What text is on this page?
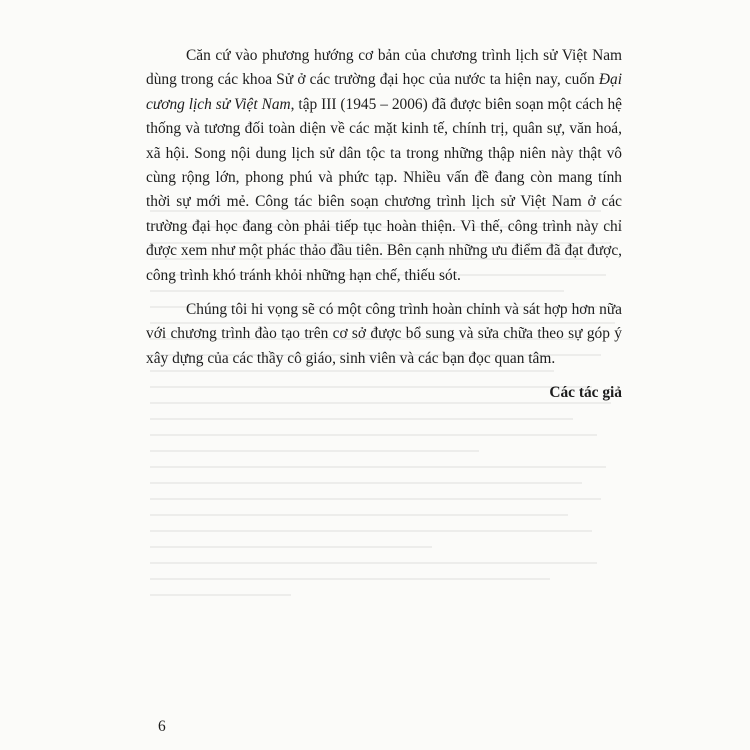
Căn cứ vào phương hướng cơ bản của chương trình lịch sử Việt Nam dùng trong các khoa Sử ở các trường đại học của nước ta hiện nay, cuốn Đại cương lịch sử Việt Nam, tập III (1945 – 2006) đã được biên soạn một cách hệ thống và tương đối toàn diện về các mặt kinh tế, chính trị, quân sự, văn hoá, xã hội. Song nội dung lịch sử dân tộc ta trong những thập niên này thật vô cùng rộng lớn, phong phú và phức tạp. Nhiều vấn đề đang còn mang tính thời sự mới mẻ. Công tác biên soạn chương trình lịch sử Việt Nam ở các trường đại học đang còn phải tiếp tục hoàn thiện. Vì thế, công trình này chỉ được xem như một phác thảo đầu tiên. Bên cạnh những ưu điểm đã đạt được, công trình khó tránh khỏi những hạn chế, thiếu sót.

Chúng tôi hi vọng sẽ có một công trình hoàn chỉnh và sát hợp hơn nữa với chương trình đào tạo trên cơ sở được bổ sung và sửa chữa theo sự góp ý xây dựng của các thầy cô giáo, sinh viên và các bạn đọc quan tâm.

Các tác giả
6
